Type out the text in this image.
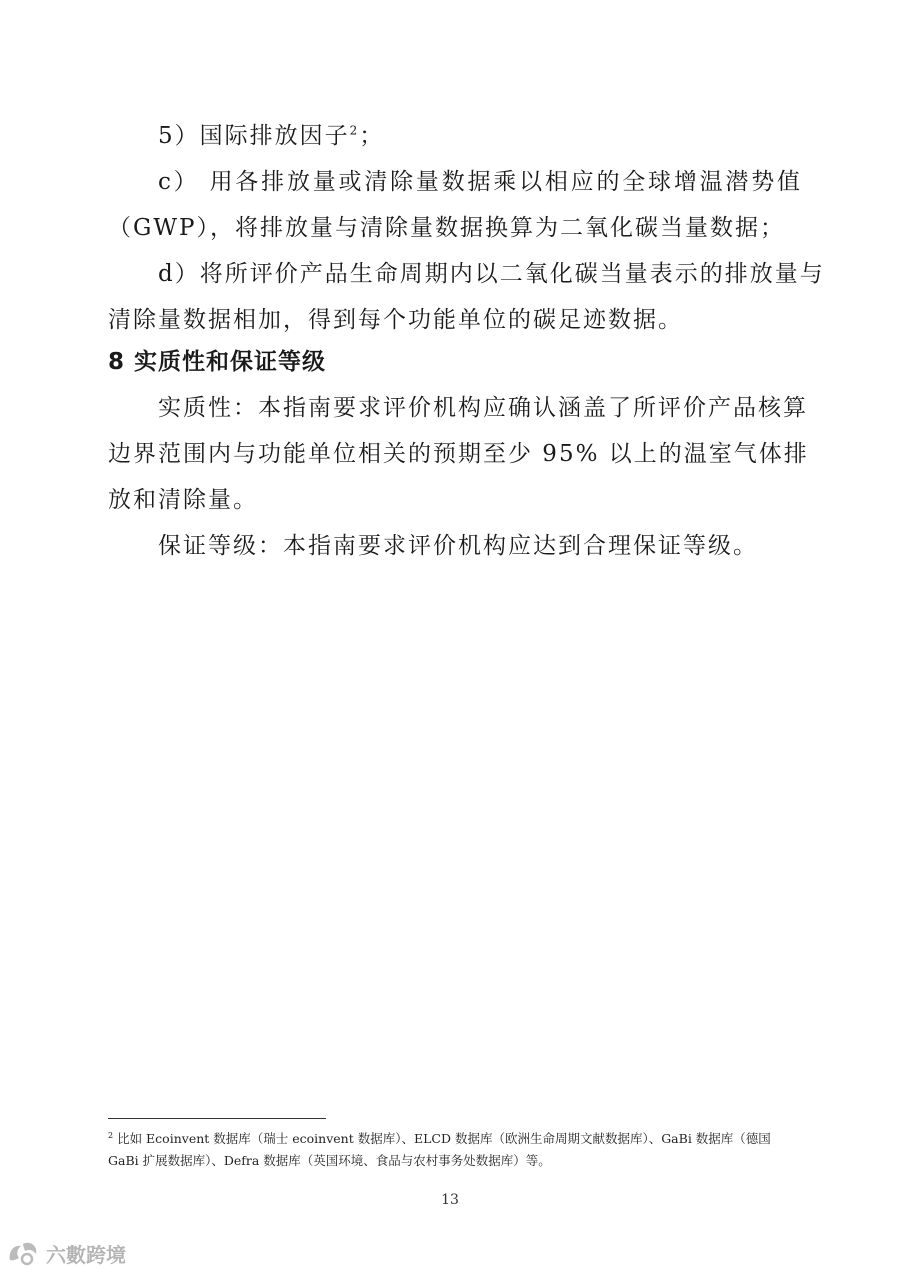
5）国际排放因子$^2$；
c） 用各排放量或清除量数据乘以相应的全球增温潜势值
（GWP），将排放量与清除量数据换算为二氧化碳当量数据；
d）将所评价产品生命周期内以二氧化碳当量表示的排放量与
清除量数据相加，得到每个功能单位的碳足迹数据。
8 实质性和保证等级
实质性：本指南要求评价机构应确认涵盖了所评价产品核算
边界范围内与功能单位相关的预期至少 95% 以上的温室气体排
放和清除量。
保证等级：本指南要求评价机构应达到合理保证等级。
$^2$ 比如 Ecoinvent 数据库（瑞士 ecoinvent 数据库）、ELCD 数据库（欧洲生命周期文献数据库）、GaBi 数据库（德国
GaBi 扩展数据库）、Defra 数据库（英国环境、食品与农村事务处数据库）等。
13
六數跨境
